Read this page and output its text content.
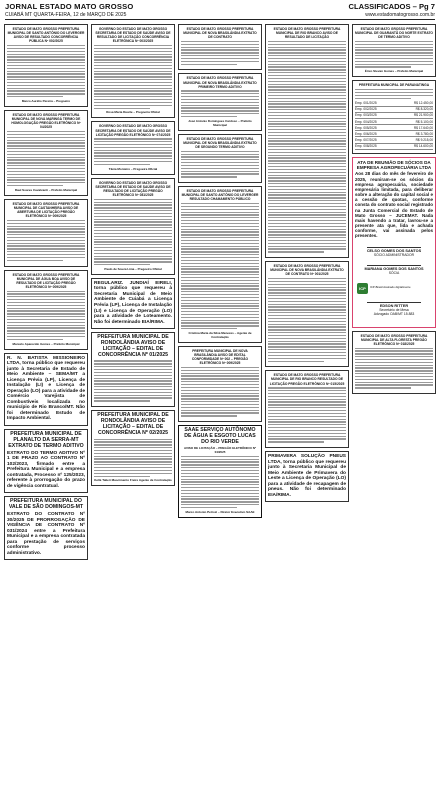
JORNAL ESTADO MATO GROSSO
CUIABÁ MT QUARTA-FEIRA, 12 de MARÇO DE 2025
CLASSIFICADOS – Pg 7
www.estadomatogrosso.com.br
ESTADO DE MATO GROSSO PREFEITURA MUNICIPAL DE SANTO ANTÔNIO DO LEVERGER AVISO DE RESULTADO CONCORRÊNCIA PÚBLICA Nº 002/2025
Marco Aurélio Pereira – Pregoeiro
ESTADO DE MATO GROSSO PREFEITURA MUNICIPAL DE NOVA MARINGÁ TERMO DE HOMOLOGAÇÃO PREGÃO ELETRÔNICO Nº 04/2025
Raul Soares Cavalcanti – Prefeito Municipal
ESTADO DE MATO GROSSO PREFEITURA MUNICIPAL DE CASTANHEIRA AVISO DE ABERTURA DE LICITAÇÃO PREGÃO ELETRÔNICO Nº 009/2025
ESTADO DE MATO GROSSO PREFEITURA MUNICIPAL DE ÁGUA BOA AVISO DE RESULTADO DE LICITAÇÃO PREGÃO ELETRÔNICO Nº 009/2025
Marcelo Aparecido Gomes – Prefeito Municipal
R. N. BATISTA MISSIONEIRO LTDA, torna público que requereu junto à Secretaria de Estado de Meio Ambiente – SEMA/MT a Licença Prévia (LP), Licença de Instalação (LI) e Licença de Operação (LO) para a atividade de Comércio Varejista de Combustíveis localizada no município de Rio Branco/MT. Não foi determinado Estudo de Impacto Ambiental.
PREFEITURA MUNICIPAL DE PLANALTO DA SERRA-MT EXTRATO DE TERMO ADITIVO
EXTRATO DO TERMO ADITIVO Nº 1 DE PRAZO AO CONTRATO Nº 102/2023, firmado entre a Prefeitura Municipal e a empresa contratada, Processo nº 125/2023, referente à prorrogação do prazo de vigência contratual.
PREFEITURA MUNICIPAL DO VALE DE SÃO DOMINGOS-MT
EXTRATO DO CONTRATO Nº 30/2025 DE PRORROGAÇÃO DE VIGÊNCIA DE CONTRATO Nº 031/2024 entre a Prefeitura Municipal e a empresa contratada para prestação de serviços conforme processo administrativo.
GOVERNO DO ESTADO DE MATO GROSSO SECRETARIA DE ESTADO DE SAÚDE AVISO DE RESULTADO DE LICITAÇÃO CONCORRÊNCIA ELETRÔNICA Nº 003/2025
Rosa Maria Duarte – Pregoeira Oficial
GOVERNO DO ESTADO DE MATO GROSSO SECRETARIA DE ESTADO DE SAÚDE AVISO DE LICITAÇÃO PREGÃO ELETRÔNICO Nº 074/2025
Tânia Monteiro – Pregoeira Oficial
GOVERNO DO ESTADO DE MATO GROSSO SECRETARIA DE ESTADO DE SAÚDE AVISO DE RESULTADO DE LICITAÇÃO PREGÃO ELETRÔNICO Nº 081/2025
Paulo de Souza Lima – Pregoeiro Oficial
REGULARIZ. JUNDIAÍ EIRELI, torna público que requereu à Secretaria Municipal de Meio Ambiente de Cuiabá a Licença Prévia (LP), Licença de Instalação (LI) e Licença de Operação (LO) para a atividade de Loteamento. Não foi determinado EIA/RIMA.
PREFEITURA MUNICIPAL DE RONDOLÂNDIA AVISO DE LICITAÇÃO – EDITAL DE CONCORRÊNCIA Nº 01/2025
PREFEITURA MUNICIPAL DE RONDOLÂNDIA AVISO DE LICITAÇÃO – EDITAL DE CONCORRÊNCIA Nº 02/2025
Kellé Talieri Mascimento Freire Agente de Contratação
ESTADO DE MATO GROSSO PREFEITURA MUNICIPAL DE NOVA BRASILÂNDIA EXTRATO DE CONTRATO
ESTADO DE MATO GROSSO PREFEITURA MUNICIPAL DE NOVA BRASILÂNDIA EXTRATO PRIMEIRO TERMO ADITIVO
José Antonio Domingues Cardoso – Prefeito Municipal
ESTADO DE MATO GROSSO PREFEITURA MUNICIPAL DE NOVA BRASILÂNDIA EXTRATO DE SEGUNDO TERMO ADITIVO
ESTADO DE MATO GROSSO PREFEITURA MUNICIPAL DE SANTO ANTÔNIO DO LEVERGER RESULTADO CHAMAMENTO PÚBLICO
Cristina Maria da Silva Menezes – Agente de Contratação
PREFEITURA MUNICIPAL DE NOVA BRASILÂNDIA AVISO DE EDITAL CONFORMIDADE Nº 002 – PREGÃO ELETRÔNICO Nº 009/2025
SAAE SERVIÇO AUTÔNOMO DE ÁGUA E ESGOTO LUCAS DO RIO VERDE
AVISO DE LICITAÇÃO – PREGÃO ELETRÔNICO Nº 04/2025
Marco Antonio Petrozi – Diretor Executivo SAAE
ESTADO DE MATO GROSSO PREFEITURA MUNICIPAL DE RIO BRANCO AVISO DE RESULTADO DE LICITAÇÃO
ESTADO DE MATO GROSSO PREFEITURA MUNICIPAL DE NOVA BRASILÂNDIA EXTRATO DE CONTRATO Nº 001/2025
ESTADO DE MATO GROSSO PREFEITURA MUNICIPAL DE RIO BRANCO RESULTADO DE LICITAÇÃO PREGÃO ELETRÔNICO Nº 015/2025
PRIMAVERA SOLUÇÃO PNEUS LTDA, torna público que requereu junto à Secretaria Municipal de Meio Ambiente de Primavera do Leste a Licença de Operação (LO) para a atividade de recapagem de pneus. Não foi determinado EIA/RIMA.
ESTADO DE MATO GROSSO PREFEITURA MUNICIPAL DE GUARANTÃ DO NORTE EXTRATO DE TERMO ADITIVO
Érico Stevan Gomes – Prefeito Municipal
PREFEITURA MUNICIPAL DE PARANATINGA
Emp. 001/2025	R$ 12.450,00
Emp. 002/2025	R$ 8.320,00
Emp. 003/2025	R$ 21.900,00
Emp. 004/2025	R$ 5.100,00
Emp. 005/2025	R$ 17.640,00
Emp. 006/2025	R$ 3.780,00
Emp. 007/2025	R$ 9.215,00
Emp. 008/2025	R$ 14.600,00
ATA DE REUNIÃO DE SÓCIOS DA EMPRESA AGROPECUÁRIA LTDA
Aos 28 dias do mês de fevereiro de 2025, reuniram-se os sócios da empresa agropecuária, sociedade empresária limitada, para deliberar sobre a alteração do capital social e a cessão de quotas, conforme consta do contrato social registrado na Junta Comercial do Estado de Mato Grosso – JUCEMAT. Nada mais havendo a tratar, lavrou-se a presente ata que, lida e achada conforme, vai assinada pelos presentes.
CELSO GOMES DOS SANTOS
SÓCIO ADMINISTRADOR
MARIANA GOMES DOS SANTOS
SÓCIA
ICP	ICP-Brasil Assinado digitalmente
EDSON RITTER
Secretário de Mesa
Advogado OAB/MT 15.883
ESTADO DE MATO GROSSO PREFEITURA MUNICIPAL DE ALTA FLORESTA PREGÃO ELETRÔNICO Nº 018/2025
